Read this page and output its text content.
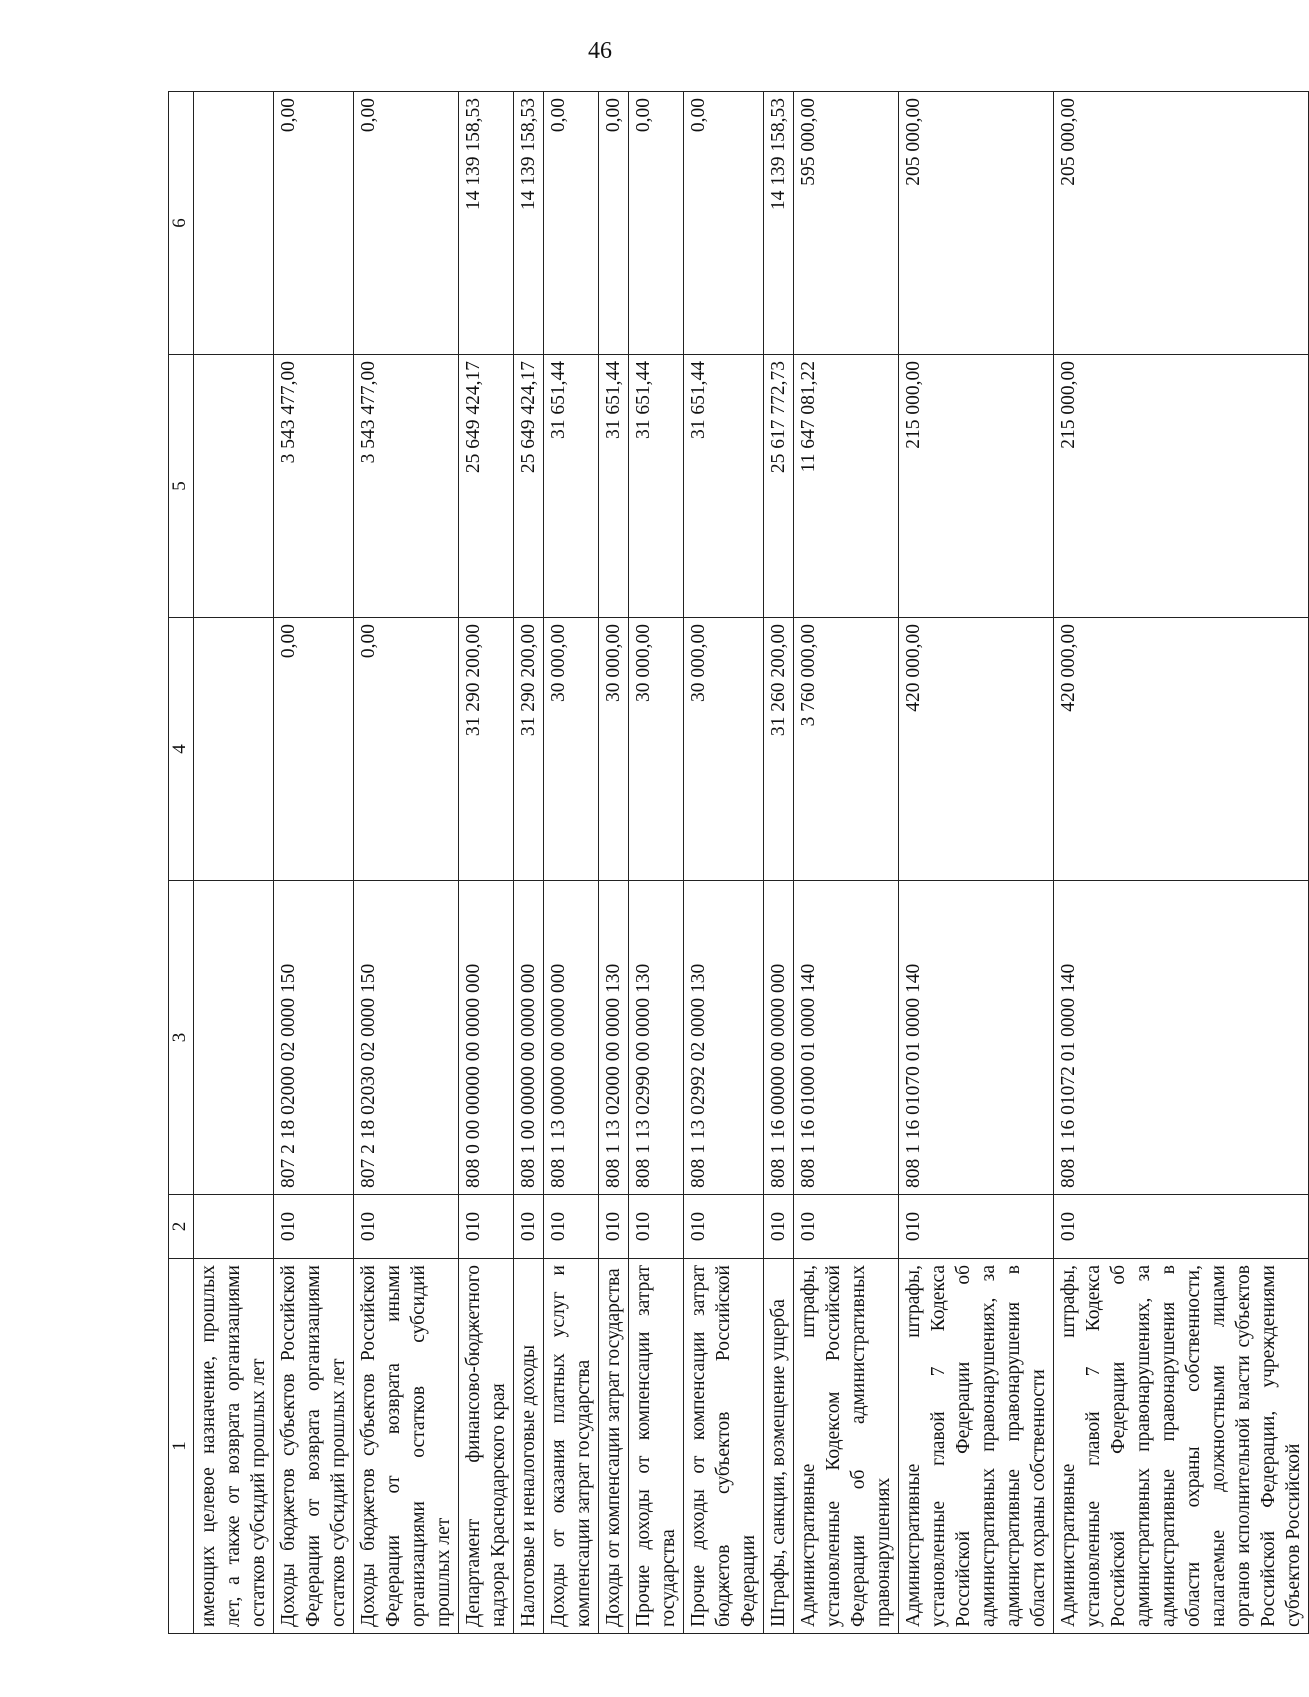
46
1	2	3	4	5	6
имеющих целевое назначение, прошлых лет, а также от возврата организациями остатков субсидий прошлых лет					
Доходы бюджетов субъектов Российской Федерации от возврата организациями остатков субсидий прошлых лет	010	807 2 18 02000 02 0000 150	0,00	3 543 477,00	0,00
Доходы бюджетов субъектов Российской Федерации от возврата иными организациями остатков субсидий прошлых лет	010	807 2 18 02030 02 0000 150	0,00	3 543 477,00	0,00
Департамент финансово-бюджетного надзора Краснодарского края	010	808 0 00 00000 00 0000 000	31 290 200,00	25 649 424,17	14 139 158,53
Налоговые и неналоговые доходы	010	808 1 00 00000 00 0000 000	31 290 200,00	25 649 424,17	14 139 158,53
Доходы от оказания платных услуг и компенсации затрат государства	010	808 1 13 00000 00 0000 000	30 000,00	31 651,44	0,00
Доходы от компенсации затрат государства	010	808 1 13 02000 00 0000 130	30 000,00	31 651,44	0,00
Прочие доходы от компенсации затрат государства	010	808 1 13 02990 00 0000 130	30 000,00	31 651,44	0,00
Прочие доходы от компенсации затрат бюджетов субъектов Российской Федерации	010	808 1 13 02992 02 0000 130	30 000,00	31 651,44	0,00
Штрафы, санкции, возмещение ущерба	010	808 1 16 00000 00 0000 000	31 260 200,00	25 617 772,73	14 139 158,53
Административные штрафы, установленные Кодексом Российской Федерации об административных правонарушениях	010	808 1 16 01000 01 0000 140	3 760 000,00	11 647 081,22	595 000,00
Административные штрафы, установленные главой 7 Кодекса Российской Федерации об административных правонарушениях, за административные правонарушения в области охраны собственности	010	808 1 16 01070 01 0000 140	420 000,00	215 000,00	205 000,00
Административные штрафы, установленные главой 7 Кодекса Российской Федерации об административных правонарушениях, за административные правонарушения в области охраны собственности, налагаемые должностными лицами органов исполнительной власти субъектов Российской Федерации, учреждениями субъектов Российской	010	808 1 16 01072 01 0000 140	420 000,00	215 000,00	205 000,00
